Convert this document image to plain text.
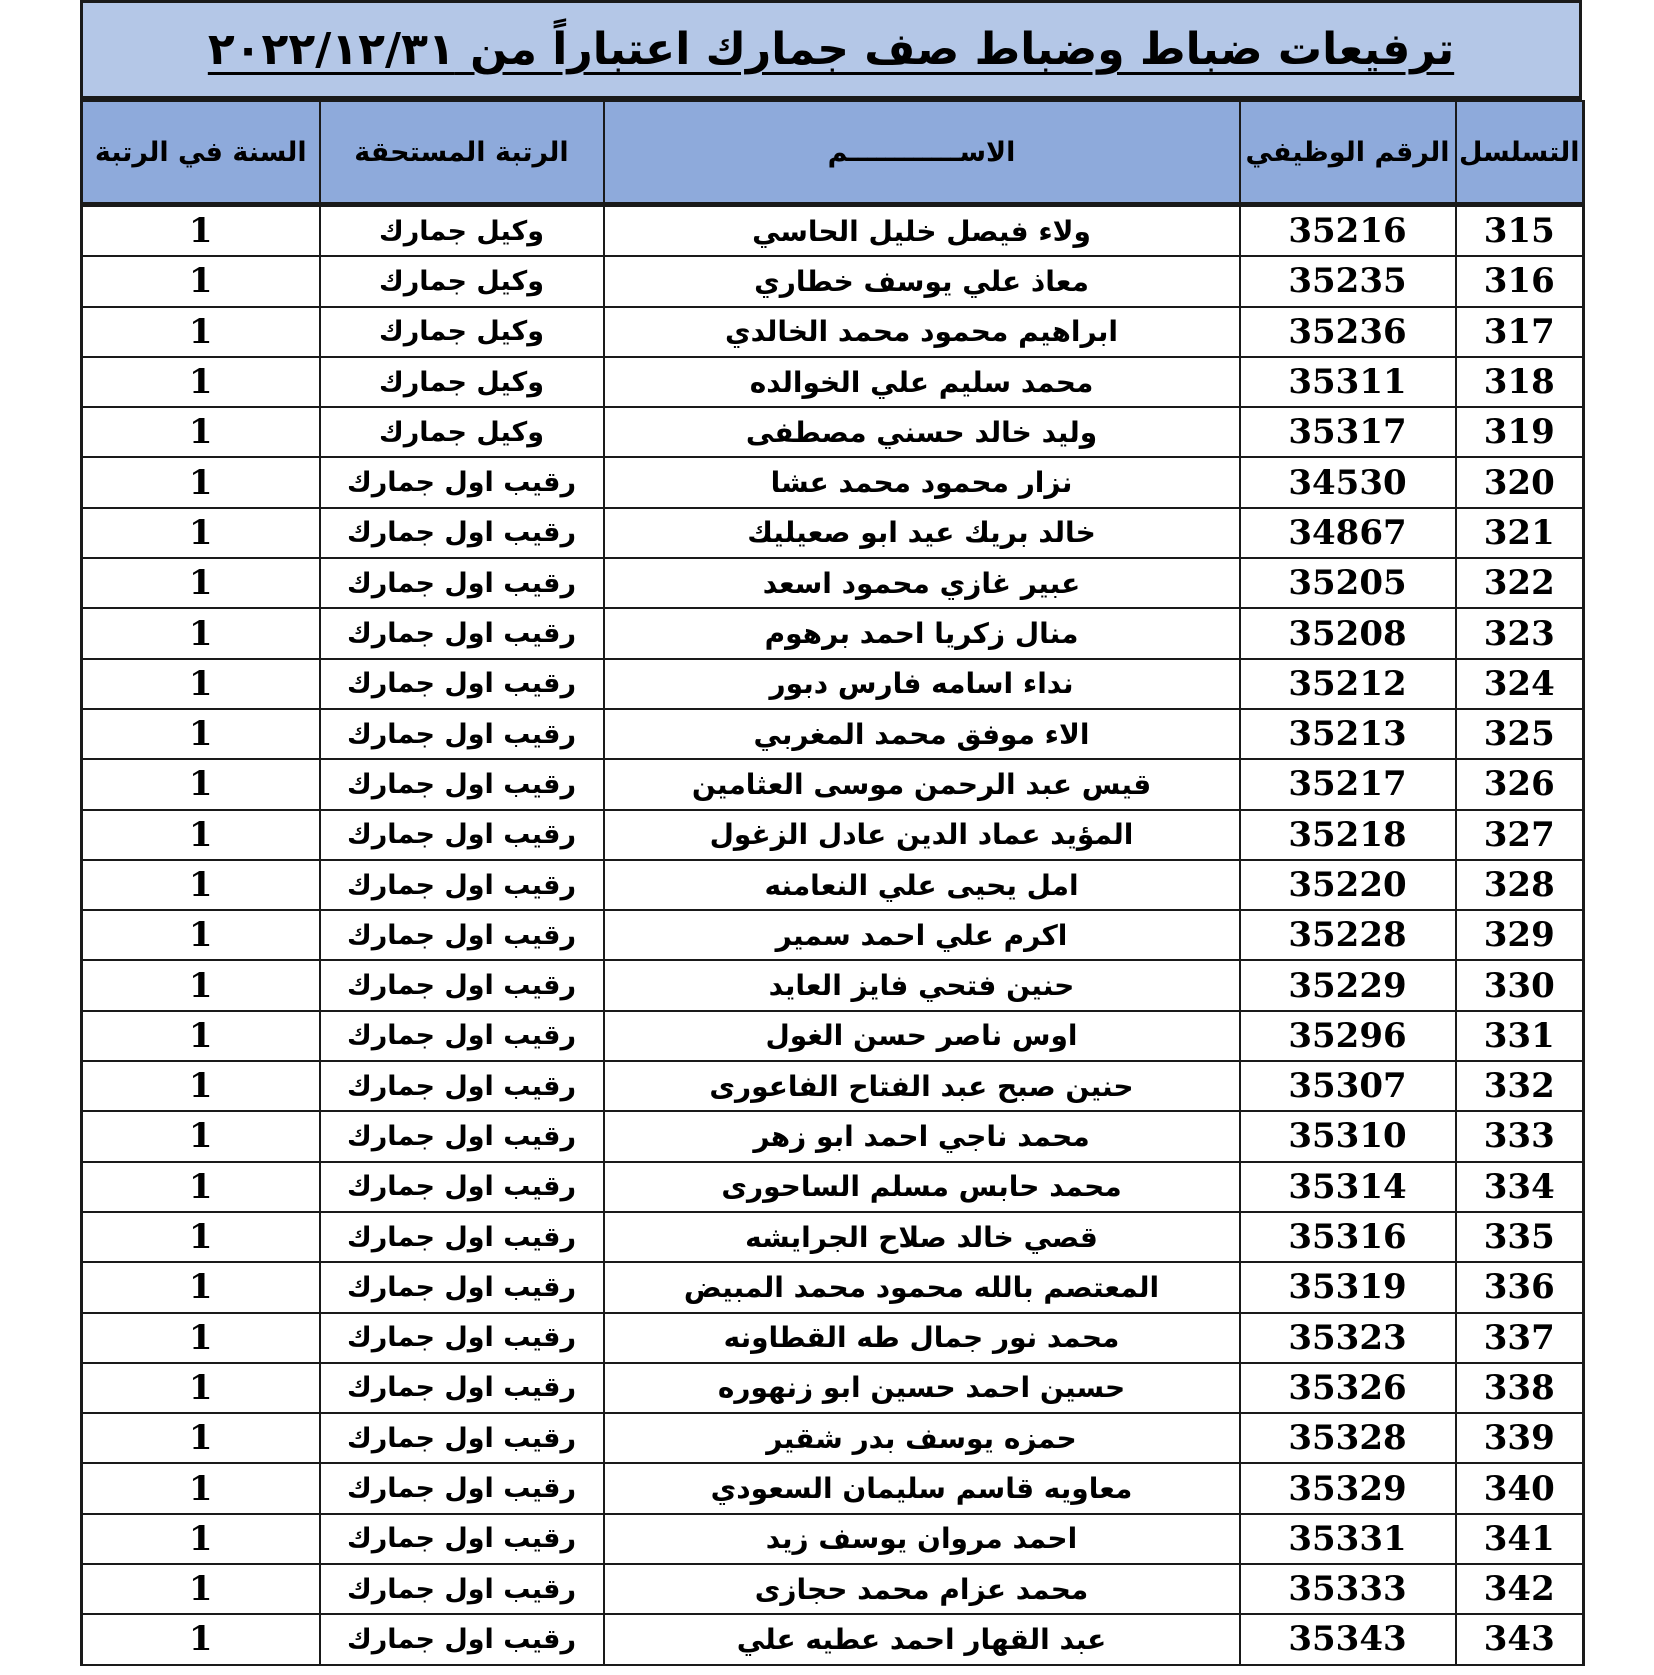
ترفيعات ضباط وضباط صف جمارك اعتباراً من ٢٠٢٢/١٢/٣١
التسلسل	الرقم الوظيفي	الاســــــــــــم	الرتبة المستحقة	السنة في الرتبة
315	35216	ولاء فيصل خليل الحاسي	وكيل جمارك	1
316	35235	معاذ علي يوسف خطاري	وكيل جمارك	1
317	35236	ابراهيم محمود محمد الخالدي	وكيل جمارك	1
318	35311	محمد سليم علي الخوالده	وكيل جمارك	1
319	35317	وليد خالد حسني مصطفى	وكيل جمارك	1
320	34530	نزار محمود محمد عشا	رقيب اول جمارك	1
321	34867	خالد بريك عيد ابو صعيليك	رقيب اول جمارك	1
322	35205	عبير غازي محمود اسعد	رقيب اول جمارك	1
323	35208	منال زكريا احمد برهوم	رقيب اول جمارك	1
324	35212	نداء اسامه فارس دبور	رقيب اول جمارك	1
325	35213	الاء موفق محمد المغربي	رقيب اول جمارك	1
326	35217	قيس عبد الرحمن موسى العثامين	رقيب اول جمارك	1
327	35218	المؤيد عماد الدين عادل الزغول	رقيب اول جمارك	1
328	35220	امل يحيى علي النعامنه	رقيب اول جمارك	1
329	35228	اكرم علي احمد سمير	رقيب اول جمارك	1
330	35229	حنين فتحي فايز العايد	رقيب اول جمارك	1
331	35296	اوس ناصر حسن الغول	رقيب اول جمارك	1
332	35307	حنين صبح عبد الفتاح الفاعورى	رقيب اول جمارك	1
333	35310	محمد ناجي احمد ابو زهر	رقيب اول جمارك	1
334	35314	محمد حابس مسلم الساحورى	رقيب اول جمارك	1
335	35316	قصي خالد صلاح الجرايشه	رقيب اول جمارك	1
336	35319	المعتصم بالله محمود محمد المبيض	رقيب اول جمارك	1
337	35323	محمد نور جمال طه القطاونه	رقيب اول جمارك	1
338	35326	حسين احمد حسين ابو زنهوره	رقيب اول جمارك	1
339	35328	حمزه يوسف بدر شقير	رقيب اول جمارك	1
340	35329	معاويه قاسم سليمان السعودي	رقيب اول جمارك	1
341	35331	احمد مروان يوسف زيد	رقيب اول جمارك	1
342	35333	محمد عزام محمد حجازى	رقيب اول جمارك	1
343	35343	عبد القهار احمد عطيه علي	رقيب اول جمارك	1
